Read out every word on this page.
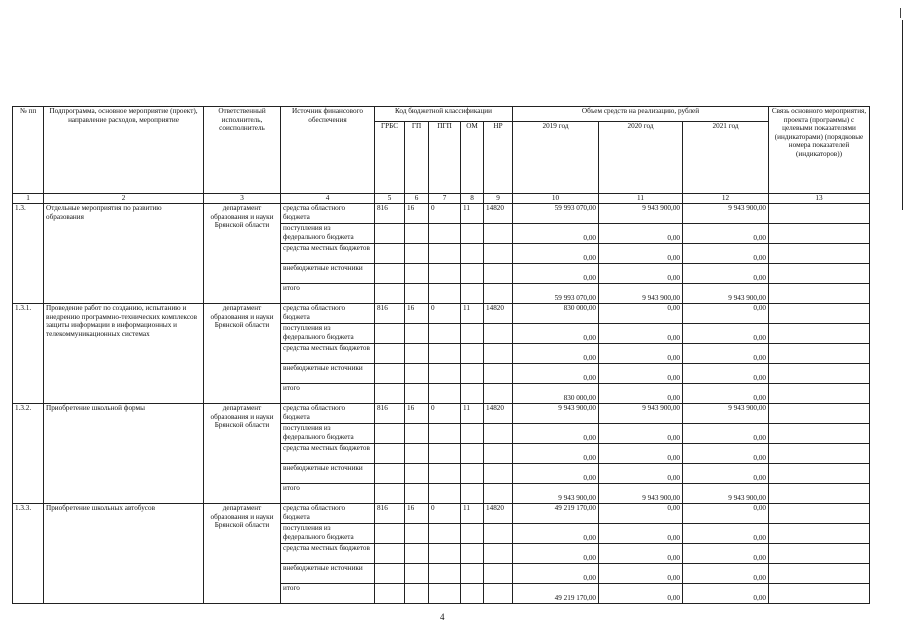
№ пп	Подпрограмма, основное мероприятие (проект), направление расходов, мероприятие	Ответственный исполнитель, соисполнитель	Источник финансового обеспечения	Код бюджетной классификации					Объем средств на реализацию, рублей			Связь основного мероприятия, проекта (программы) с целевыми показателями (индикаторами) (порядковые номера показателей (индикаторов))
				ГРБС	ГП	ПГП	ОМ	НР	2019 год	2020 год	2021 год	
1	2	3	4	5	6	7	8	9	10	11	12	13
1.3.	Отдельные мероприятия по развитию образования	департамент образования и науки Брянской области	средства областного бюджета	816	16	0	11	14820	59 993 070,00	9 943 900,00	9 943 900,00	
			поступления из федерального бюджета						0,00	0,00	0,00	
			средства местных бюджетов						0,00	0,00	0,00	
			внебюджетные источники						0,00	0,00	0,00	
			итого						59 993 070,00	9 943 900,00	9 943 900,00	
1.3.1.	Проведение работ по созданию, испытанию и внедрению программно-технических комплексов защиты информации в информационных и телекоммуникационных системах	департамент образования и науки Брянской области	средства областного бюджета	816	16	0	11	14820	830 000,00	0,00	0,00	
			поступления из федерального бюджета						0,00	0,00	0,00	
			средства местных бюджетов						0,00	0,00	0,00	
			внебюджетные источники						0,00	0,00	0,00	
			итого						830 000,00	0,00	0,00	
1.3.2.	Приобретение школьной формы	департамент образования и науки Брянской области	средства областного бюджета	816	16	0	11	14820	9 943 900,00	9 943 900,00	9 943 900,00	
			поступления из федерального бюджета						0,00	0,00	0,00	
			средства местных бюджетов						0,00	0,00	0,00	
			внебюджетные источники						0,00	0,00	0,00	
			итого						9 943 900,00	9 943 900,00	9 943 900,00	
1.3.3.	Приобретение школьных автобусов	департамент образования и науки Брянской области	средства областного бюджета	816	16	0	11	14820	49 219 170,00	0,00	0,00	
			поступления из федерального бюджета						0,00	0,00	0,00	
			средства местных бюджетов						0,00	0,00	0,00	
			внебюджетные источники						0,00	0,00	0,00	
			итого						49 219 170,00	0,00	0,00	
4
